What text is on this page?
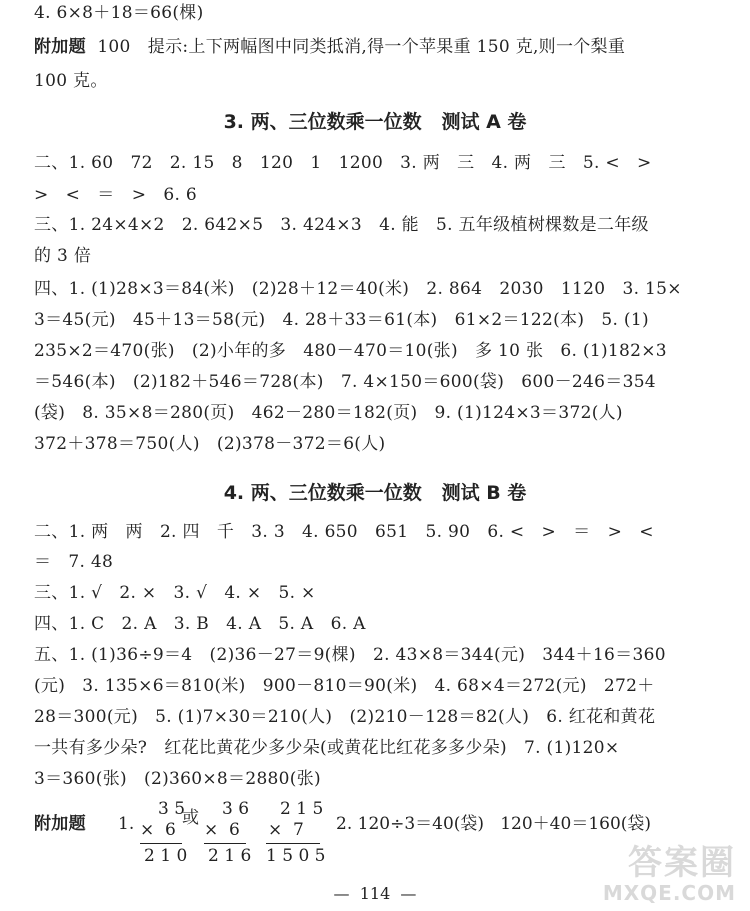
4. 6×8＋18＝66(棵)
附加题  100   提示:上下两幅图中同类抵消,得一个苹果重 150 克,则一个梨重
100 克。
3. 两、三位数乘一位数   测试 A 卷
二、1. 60   72   2. 15   8   120   1   1200   3. 两   三   4. 两   三   5. <   >
>   <   ＝   >   6. 6
三、1. 24×4×2   2. 642×5   3. 424×3   4. 能   5. 五年级植树棵数是二年级
的 3 倍
四、1. (1)28×3＝84(米)   (2)28＋12＝40(米)   2. 864   2030   1120   3. 15×
3＝45(元)   45＋13＝58(元)   4. 28＋33＝61(本)   61×2＝122(本)   5. (1)
235×2＝470(张)   (2)小年的多   480－470＝10(张)   多 10 张   6. (1)182×3
＝546(本)   (2)182＋546＝728(本)   7. 4×150＝600(袋)   600－246＝354
(袋)   8. 35×8＝280(页)   462－280＝182(页)   9. (1)124×3＝372(人)
372＋378＝750(人)   (2)378－372＝6(人)
4. 两、三位数乘一位数   测试 B 卷
二、1. 两   两   2. 四   千   3. 3   4. 650   651   5. 90   6. <   >   ＝   >   <
＝   7. 48
三、1. √   2. ×   3. √   4. ×   5. ×
四、1. C   2. A   3. B   4. A   5. A   6. A
五、1. (1)36÷9＝4   (2)36－27＝9(棵)   2. 43×8＝344(元)   344＋16＝360
(元)   3. 135×6＝810(米)   900－810＝90(米)   4. 68×4＝272(元)   272＋
28＝300(元)   5. (1)7×30＝210(人)   (2)210－128＝82(人)   6. 红花和黄花
一共有多少朵?   红花比黄花少多少朵(或黄花比红花多多少朵)   7. (1)120×
3＝360(张)   (2)360×8＝2880(张)
附加题 1.
3 5
×  6
2 1 0
或 3 6
×  6
2 1 6
2 1 5
×  7
1 5 0 5
2. 120÷3＝40(袋)   120＋40＝160(袋)
—  114  —
答案圈
MXQE.COM
